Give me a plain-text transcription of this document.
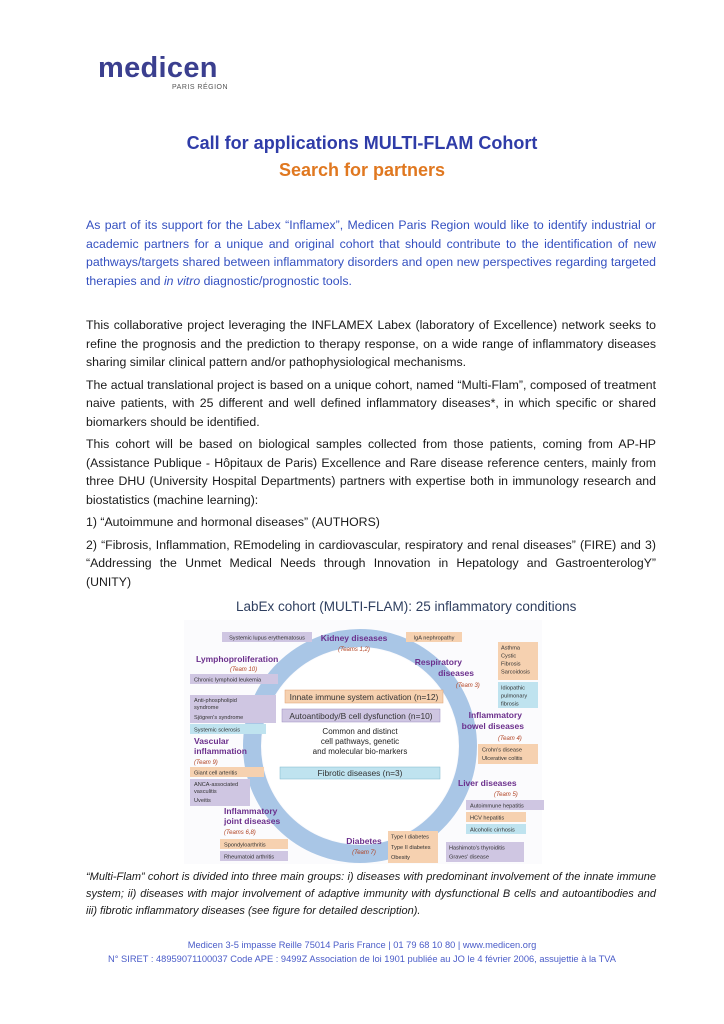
medicen
PARIS RÉGION
Call for applications MULTI-FLAM Cohort
Search for partners
As part of its support for the Labex “Inflamex”, Medicen Paris Region would like to identify industrial or academic partners for a unique and original cohort that should contribute to the identification of new pathways/targets shared between inflammatory disorders and open new perspectives regarding targeted therapies and in vitro diagnostic/prognostic tools.

This collaborative project leveraging the INFLAMEX Labex (laboratory of Excellence) network seeks to refine the prognosis and the prediction to therapy response, on a wide range of inflammatory diseases sharing similar clinical pattern and/or pathophysiological mechanisms.

The actual translational project is based on a unique cohort, named “Multi-Flam”, composed of treatment naive patients, with 25 different and well defined inflammatory diseases*, in which specific or shared biomarkers should be identified.

This cohort will be based on biological samples collected from those patients, coming from AP-HP (Assistance Publique - Hôpitaux de Paris) Excellence and Rare disease reference centers, mainly from three DHU (University Hospital Departments) partners with expertise both in immunology research and biostatistics (machine learning):

1) “Autoimmune and hormonal diseases” (AUTHORS)

2) “Fibrosis, Inflammation, REmodeling in cardiovascular, respiratory and renal diseases” (FIRE) and 3) “Addressing the Unmet Medical Needs through Innovation in Hepatology and GastroenterologY” (UNITY)

LabEx cohort (MULTI-FLAM): 25 inflammatory conditions
Innate immune system activation (n=12)
Autoantibody/B cell dysfunction (n=10)
Common and distinct
cell pathways, genetic
and molecular bio-markers
Fibrotic diseases (n=3)
Kidney diseases
(Teams 1,2)
Systemic lupus erythematosus	IgA nephropathy
Lymphoproliferation
(Team 10)
Chronic lymphoid leukemia
Anti-phospholipid
syndrome
Sjögren's syndrome
Systemic sclerosis
Vascular
inflammation
(Team 9)
Giant cell arteritis
ANCA-associated
vasculitis
Uveitis
Inflammatory
joint diseases
(Teams 6,8)
Spondyloarthritis
Rheumatoid arthritis
Respiratory
diseases
(Team 3)
Asthma
Cystic
Fibrosis
Sarcoidosis
Idiopathic
pulmonary
fibrosis
Inflammatory
bowel diseases
(Team 4)
Crohn's disease
Ulcerative colitis
Liver diseases
(Team 5)
Autoimmune hepatitis
HCV hepatitis
Alcoholic cirrhosis
Diabetes
(Team 7)
Type I diabetes
Type II diabetes
Obesity
Hashimoto's thyroiditis
Graves' disease
“Multi-Flam” cohort is divided into three main groups: i) diseases with predominant involvement of the innate immune system; ii) diseases with major involvement of adaptive immunity with dysfunctional B cells and autoantibodies and iii) fibrotic inflammatory diseases (see figure for detailed description).
Medicen 3-5 impasse Reille 75014 Paris France | 01 79 68 10 80 | www.medicen.org
N° SIRET : 48959071100037 Code APE : 9499Z Association de loi 1901 publiée au JO le 4 février 2006, assujettie à la TVA
